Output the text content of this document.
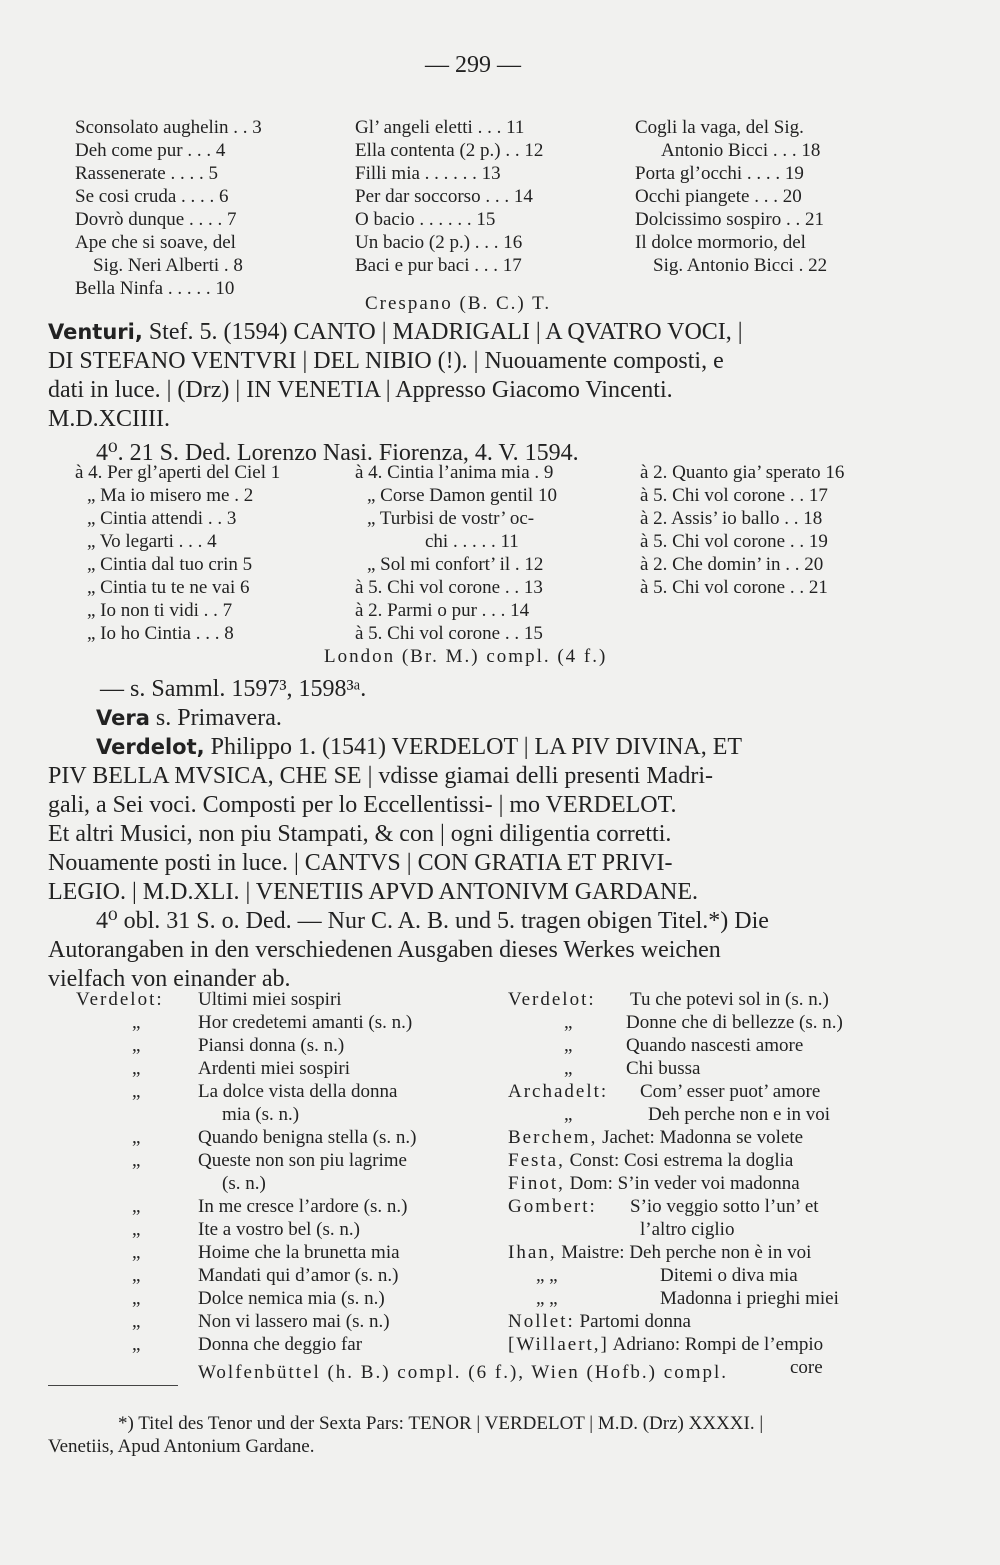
— 299 —
Sconsolato aughelin . . 3
Deh come pur . . . 4
Rassenerate . . . . 5
Se cosi cruda . . . . 6
Dovrò dunque . . . . 7
Ape che si soave, del
Sig. Neri Alberti . 8
Bella Ninfa . . . . . 10
Gl’ angeli eletti . . . 11
Ella contenta (2 p.) . . 12
Filli mia . . . . . . 13
Per dar soccorso . . . 14
O bacio . . . . . . 15
Un bacio (2 p.) . . . 16
Baci e pur baci . . . 17
Cogli la vaga, del Sig.
Antonio Bicci . . . 18
Porta gl’occhi . . . . 19
Occhi piangete . . . 20
Dolcissimo sospiro . . 21
Il dolce mormorio, del
Sig. Antonio Bicci . 22
Crespano (B. C.) T.
Venturi, Stef. 5. (1594) CANTO | MADRIGALI | A QVATRO VOCI, |
DI STEFANO VENTVRI | DEL NIBIO (!). | Nuouamente composti, e
dati in luce. | (Drz) | IN VENETIA | Appresso Giacomo Vincenti.
M.D.XCIIII.
4⁰. 21 S. Ded. Lorenzo Nasi. Fiorenza, 4. V. 1594.
à 4. Per gl’aperti del Ciel 1
„ Ma io misero me . 2
„ Cintia attendi . . 3
„ Vo legarti . . . 4
„ Cintia dal tuo crin 5
„ Cintia tu te ne vai 6
„ Io non ti vidi . . 7
„ Io ho Cintia . . . 8
à 4. Cintia l’anima mia . 9
„ Corse Damon gentil 10
„ Turbisi de vostr’ oc-
chi . . . . . 11
„ Sol mi confort’ il . 12
à 5. Chi vol corone . . 13
à 2. Parmi o pur . . . 14
à 5. Chi vol corone . . 15
à 2. Quanto gia’ sperato 16
à 5. Chi vol corone . . 17
à 2. Assis’ io ballo . . 18
à 5. Chi vol corone . . 19
à 2. Che domin’ in . . 20
à 5. Chi vol corone . . 21
London (Br. M.) compl. (4 f.)
— s. Samml. 1597³, 1598³ᵃ.
Vera s. Primavera.
Verdelot, Philippo 1. (1541) VERDELOT | LA PIV DIVINA, ET
PIV BELLA MVSICA, CHE SE | vdisse giamai delli presenti Madri-
gali, a Sei voci. Composti per lo Eccellentissi- | mo VERDELOT.
Et altri Musici, non piu Stampati, & con | ogni diligentia corretti.
Nouamente posti in luce. | CANTVS | CON GRATIA ET PRIVI-
LEGIO. | M.D.XLI. | VENETIIS APVD ANTONIVM GARDANE.
4⁰ obl. 31 S. o. Ded. — Nur C. A. B. und 5. tragen obigen Titel.*) Die
Autorangaben in den verschiedenen Ausgaben dieses Werkes weichen
vielfach von einander ab.
Verdelot: Ultimi miei sospiri
„	Hor credetemi amanti (s. n.)
„	Piansi donna (s. n.)
„	Ardenti miei sospiri
„	La dolce vista della donna
mia (s. n.)
„	Quando benigna stella (s. n.)
„	Queste non son piu lagrime
(s. n.)
„	In me cresce l’ardore (s. n.)
„	Ite a vostro bel (s. n.)
„	Hoime che la brunetta mia
„	Mandati qui d’amor (s. n.)
„	Dolce nemica mia (s. n.)
„	Non vi lassero mai (s. n.)
„	Donna che deggio far
Verdelot: Tu che potevi sol in (s. n.)
„	Donne che di bellezze (s. n.)
„	Quando nascesti amore
„	Chi bussa
Archadelt: Com’ esser puot’ amore
„	Deh perche non e in voi
Berchem, Jachet: Madonna se volete
Festa, Const: Cosi estrema la doglia
Finot, Dom: S’in veder voi madonna
Gombert: S’io veggio sotto l’un’ et
l’altro ciglio
Ihan, Maistre: Deh perche non è in voi
„ „	Ditemi o diva mia
„ „	Madonna i prieghi miei
Nollet: Partomi donna
[Willaert,] Adriano: Rompi de l’empio
core
Wolfenbüttel (h. B.) compl. (6 f.), Wien (Hofb.) compl.
*) Titel des Tenor und der Sexta Pars: TENOR | VERDELOT | M.D. (Drz) XXXXI. |
Venetiis, Apud Antonium Gardane.
